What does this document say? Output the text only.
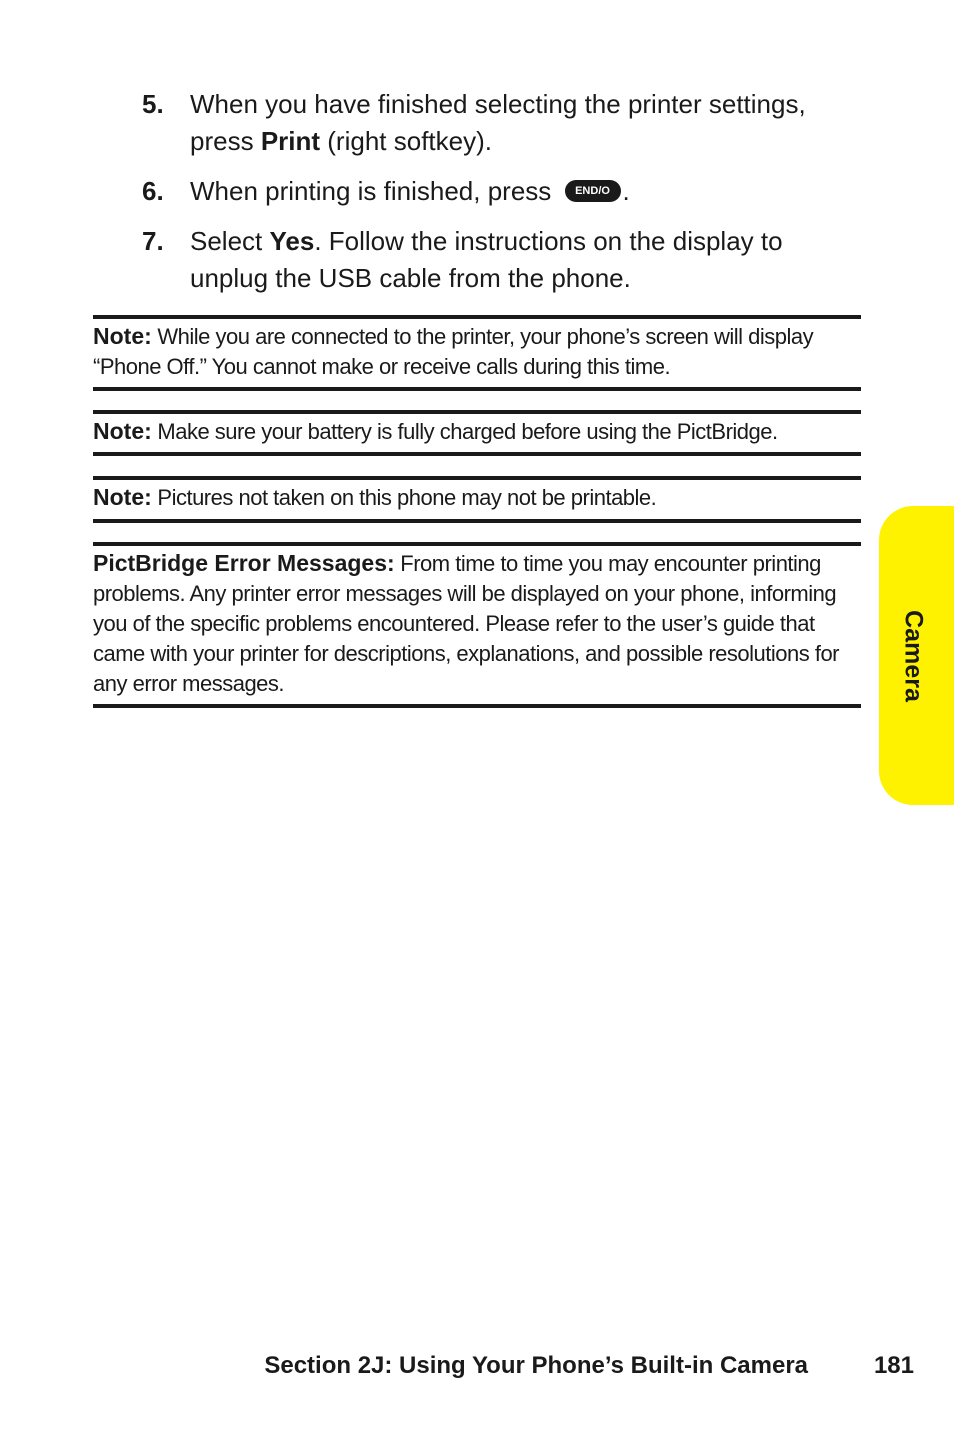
5. When you have finished selecting the printer settings, press Print (right softkey).
6. When printing is finished, press END/O .
7. Select Yes. Follow the instructions on the display to unplug the USB cable from the phone.
Note: While you are connected to the printer, your phone’s screen will display “Phone Off.” You cannot make or receive calls during this time.
Note: Make sure your battery is fully charged before using the PictBridge.
Note: Pictures not taken on this phone may not be printable.
PictBridge Error Messages: From time to time you may encounter printing problems. Any printer error messages will be displayed on your phone, informing you of the specific problems encountered. Please refer to the user’s guide that came with your printer for descriptions, explanations, and possible resolutions for any error messages.	Camera
Section 2J: Using Your Phone’s Built-in Camera	181
